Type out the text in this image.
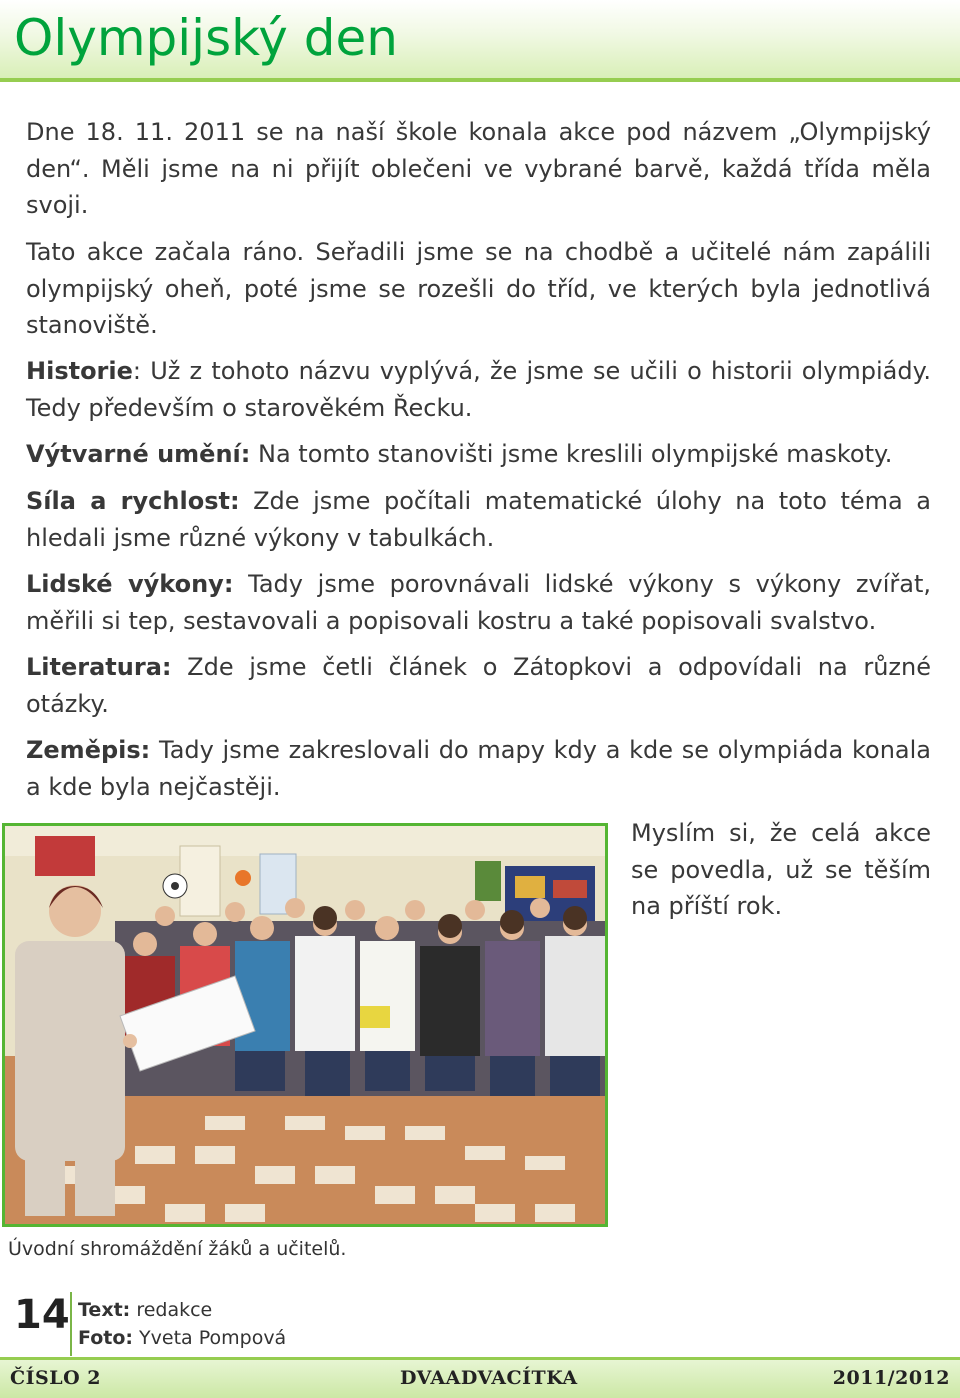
Olympijský den

Dne 18. 11. 2011 se na naší škole konala akce pod názvem „Olympijský den“. Měli jsme na ni přijít oblečeni ve vybrané barvě, každá třída měla svoji.

Tato akce začala ráno. Seřadili jsme se na chodbě a učitelé nám zapálili olympijský oheň, poté jsme se rozešli do tříd, ve kterých byla jednotlivá stanoviště.

Historie: Už z tohoto názvu vyplývá, že jsme se učili o historii olympiády. Tedy především o starověkém Řecku.

Výtvarné umění: Na tomto stanovišti jsme kreslili olympijské maskoty.

Síla a rychlost: Zde jsme počítali matematické úlohy na toto téma a hledali jsme různé výkony v tabulkách.

Lidské výkony: Tady jsme porovnávali lidské výkony s výkony zvířat, měřili si tep, sestavovali a popisovali kostru a také popisovali svalstvo.

Literatura: Zde jsme četli článek o Zátopkovi a odpovídali na různé otázky.

Zeměpis: Tady jsme zakreslovali do mapy kdy a kde se olympiáda konala a kde byla nejčastěji.

Myslím si, že celá akce se povedla, už se těším na příští rok.

Úvodní shromáždění žáků a učitelů.

14 Text: redakce
Foto: Yveta Pompová
ČÍSLO 2	DVAADVACÍTKA	2011/2012
